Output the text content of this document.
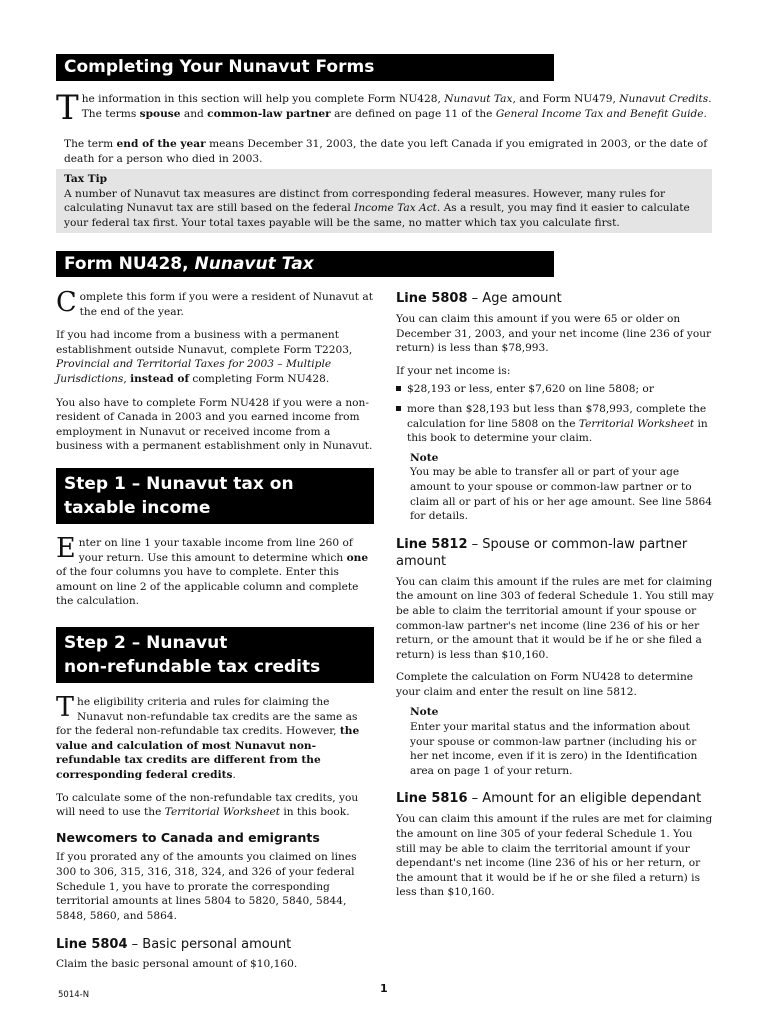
Completing Your Nunavut Forms
T he information in this section will help you complete Form NU428, Nunavut Tax, and Form NU479, Nunavut Credits.
The terms spouse and common-law partner are defined on page 11 of the General Income Tax and Benefit Guide.
The term end of the year means December 31, 2003, the date you left Canada if you emigrated in 2003, or the date of death for a person who died in 2003.
Tax Tip
A number of Nunavut tax measures are distinct from corresponding federal measures. However, many rules for calculating Nunavut tax are still based on the federal Income Tax Act. As a result, you may find it easier to calculate your federal tax first. Your total taxes payable will be the same, no matter which tax you calculate first.
Form NU428, Nunavut Tax

Complete this form if you were a resident of Nunavut at the end of the year.

If you had income from a business with a permanent establishment outside Nunavut, complete Form T2203, Provincial and Territorial Taxes for 2003 – Multiple Jurisdictions, instead of completing Form NU428.

You also have to complete Form NU428 if you were a non-resident of Canada in 2003 and you earned income from employment in Nunavut or received income from a business with a permanent establishment only in Nunavut.

Step 1 – Nunavut tax on taxable income
Enter on line 1 your taxable income from line 260 of your return. Use this amount to determine which one of the four columns you have to complete. Enter this amount on line 2 of the applicable column and complete the calculation.
Step 2 – Nunavut
non-refundable tax credits

The eligibility criteria and rules for claiming the Nunavut non-refundable tax credits are the same as for the federal non-refundable tax credits. However, the value and calculation of most Nunavut non-refundable tax credits are different from the corresponding federal credits.

To calculate some of the non-refundable tax credits, you will need to use the Territorial Worksheet in this book.

Newcomers to Canada and emigrants

If you prorated any of the amounts you claimed on lines 300 to 306, 315, 316, 318, 324, and 326 of your federal Schedule 1, you have to prorate the corresponding territorial amounts at lines 5804 to 5820, 5840, 5844, 5848, 5860, and 5864.

Line 5804 – Basic personal amount

Claim the basic personal amount of $10,160.

Line 5808 – Age amount

You can claim this amount if you were 65 or older on December 31, 2003, and your net income (line 236 of your return) is less than $78,993.

If your net income is:

$28,193 or less, enter $7,620 on line 5808; or
more than $28,193 but less than $78,993, complete the calculation for line 5808 on the Territorial Worksheet in this book to determine your claim.
Note
You may be able to transfer all or part of your age amount to your spouse or common-law partner or to claim all or part of his or her age amount. See line 5864 for details.
Line 5812 – Spouse or common-law partner amount

You can claim this amount if the rules are met for claiming the amount on line 303 of federal Schedule 1. You still may be able to claim the territorial amount if your spouse or common-law partner's net income (line 236 of his or her return, or the amount that it would be if he or she filed a return) is less than $10,160.

Complete the calculation on Form NU428 to determine your claim and enter the result on line 5812.

Note
Enter your marital status and the information about your spouse or common-law partner (including his or her net income, even if it is zero) in the Identification area on page 1 of your return.
Line 5816 – Amount for an eligible dependant

You can claim this amount if the rules are met for claiming the amount on line 305 of your federal Schedule 1. You still may be able to claim the territorial amount if your dependant's net income (line 236 of his or her return, or the amount that it would be if he or she filed a return) is less than $10,160.

5014-N	1
